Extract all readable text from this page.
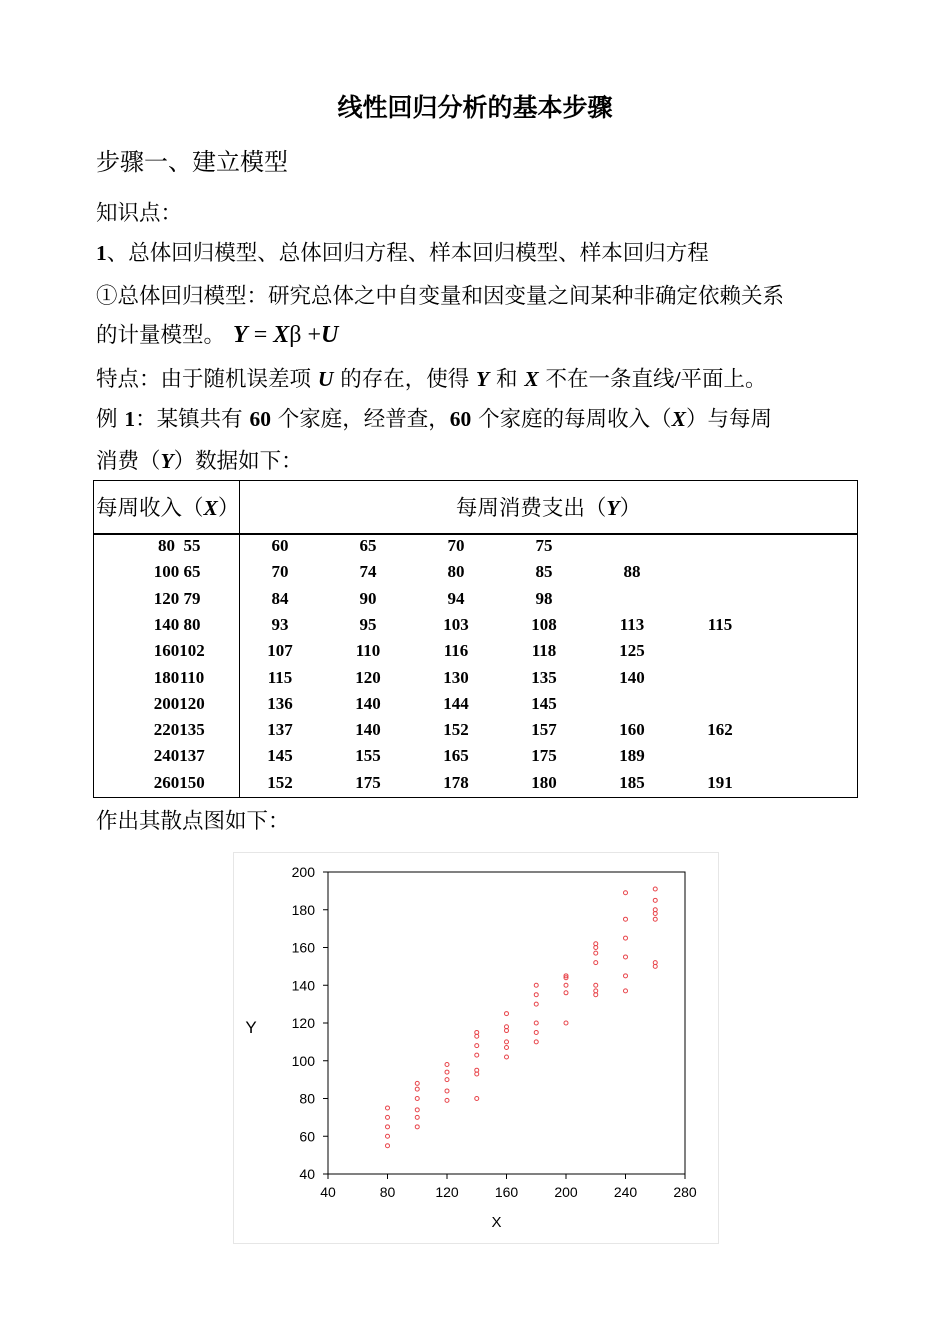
线性回归分析的基本步骤
步骤一、建立模型
知识点：
1、总体回归模型、总体回归方程、样本回归模型、样本回归方程
①总体回归模型：研究总体之中自变量和因变量之间某种非确定依赖关系
的计量模型。 Y = Xβ +U
特点：由于随机误差项 U 的存在，使得 Y 和 X 不在一条直线/平面上。
例 1：某镇共有 60 个家庭，经普查，60 个家庭的每周收入（X）与每周
消费（Y）数据如下：
每周收入（X）	每周消费支出（Y）
80 55	60	65	70	75
100 65	70	74	80	85	88
120 79	84	90	94	98
140 80	93	95	103	108	113	115
160 102	107	110	116	118	125
180 110	115	120	130	135	140
200 120	136	140	144	145
220 135	137	140	152	157	160	162
240 137	145	155	165	175	189
260 150	152	175	178	180	185	191
作出其散点图如下：
40	80	120	160	200	240	280
40
60
80
100
120
140
160
180
200
X
Y
